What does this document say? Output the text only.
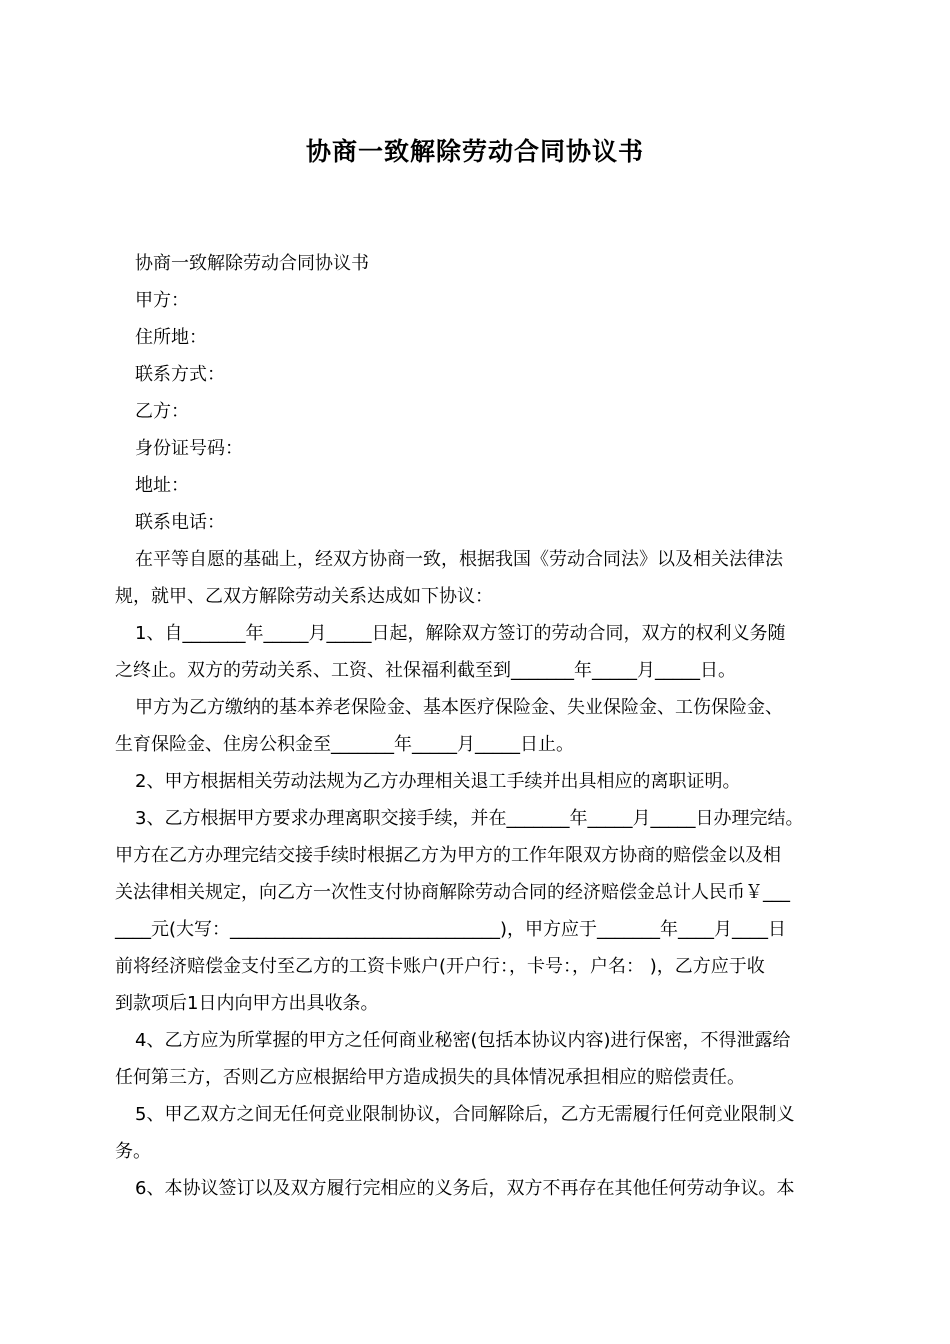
协商一致解除劳动合同协议书
协商一致解除劳动合同协议书
甲方：
住所地：
联系方式：
乙方：
身份证号码：
地址：
联系电话：
在平等自愿的基础上，经双方协商一致，根据我国《劳动合同法》以及相关法律法
规，就甲、乙双方解除劳动关系达成如下协议：
1、自_______年_____月_____日起，解除双方签订的劳动合同，双方的权利义务随
之终止。双方的劳动关系、工资、社保福利截至到_______年_____月_____日。
甲方为乙方缴纳的基本养老保险金、基本医疗保险金、失业保险金、工伤保险金、
生育保险金、住房公积金至_______年_____月_____日止。
2、甲方根据相关劳动法规为乙方办理相关退工手续并出具相应的离职证明。
3、乙方根据甲方要求办理离职交接手续，并在_______年_____月_____日办理完结。
甲方在乙方办理完结交接手续时根据乙方为甲方的工作年限双方协商的赔偿金以及相
关法律相关规定，向乙方一次性支付协商解除劳动合同的经济赔偿金总计人民币￥___
____元(大写：______________________________)，甲方应于_______年____月____日
前将经济赔偿金支付至乙方的工资卡账户(开户行：，卡号：，户名： )，乙方应于收
到款项后1日内向甲方出具收条。
4、乙方应为所掌握的甲方之任何商业秘密(包括本协议内容)进行保密，不得泄露给
任何第三方，否则乙方应根据给甲方造成损失的具体情况承担相应的赔偿责任。
5、甲乙双方之间无任何竞业限制协议，合同解除后，乙方无需履行任何竞业限制义
务。
6、本协议签订以及双方履行完相应的义务后，双方不再存在其他任何劳动争议。本
